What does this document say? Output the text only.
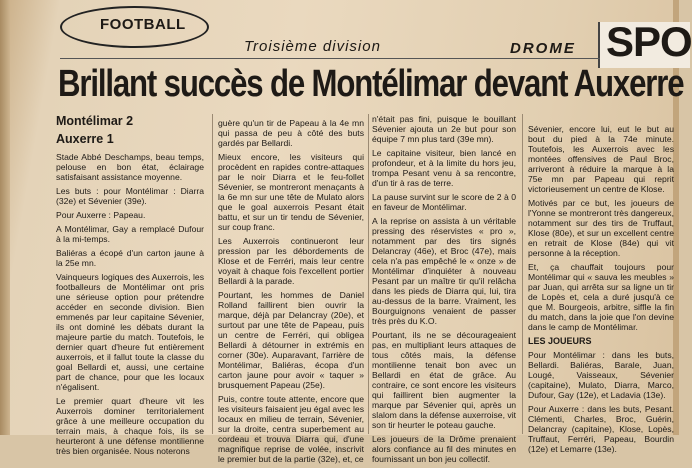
FOOTBALL
Troisième division	DROME SPO
Brillant succès de Montélimar devant Auxerre

Montélimar 2

Auxerre 1

Stade Abbé Deschamps, beau temps, pelouse en bon état, éclairage satisfaisant assistance moyenne.

Les buts : pour Montélimar : Diarra (32e) et Sévenier (39e).

Pour Auxerre : Papeau.

A Montélimar, Gay a remplacé Dufour à la mi-temps.

Baliéras a écopé d'un carton jaune à la 25e mn.

Vainqueurs logiques des Auxerrois, les footballeurs de Montélimar ont pris une sérieuse option pour prétendre accéder en seconde division. Bien emmenés par leur capitaine Sévenier, ils ont dominé les débats durant la majeure partie du match. Toutefois, le dernier quart d'heure fut entièrement auxerrois, et il fallut toute la classe du goal Bellardi et, aussi, une certaine part de chance, pour que les locaux n'égalisent.

Le premier quart d'heure vit les Auxerrois dominer territorialement grâce à une meilleure occupation du terrain mais, à chaque fois, ils se heurteront à une défense montilienne très bien organisée. Nous noterons

guère qu'un tir de Papeau à la 4e mn qui passa de peu à côté des buts gardés par Bellardi.

Mieux encore, les visiteurs qui procèdent en rapides contre-attaques par le noir Diarra et le feu-follet Sévenier, se montreront menaçants à la 6e mn sur une tête de Mulato alors que le goal auxerrois Pesant était battu, et sur un tir tendu de Sévenier, sur coup franc.

Les Auxerrois continueront leur pression par les débordements de Klose et de Ferréri, mais leur centre voyait à chaque fois l'excellent portier Bellardi à la parade.

Pourtant, les hommes de Daniel Rolland faillirent bien ouvrir la marque, déjà par Delancray (20e), et surtout par une tête de Papeau, puis un centre de Ferréri, qui obligea Bellardi à détourner in extrémis en corner (30e). Auparavant, l'arrière de Montélimar, Baliéras, écopa d'un carton jaune pour avoir « taquer » brusquement Papeau (25e).

Puis, contre toute attente, encore que les visiteurs faisaient jeu égal avec les locaux en milieu de terrain, Sévenier, sur la droite, centra superbement au cordeau et trouva Diarra qui, d'une magnifique reprise de volée, inscrivit le premier but de la partie (32e), et, ce

n'était pas fini, puisque le bouillant Sévenier ajouta un 2e but pour son équipe 7 mn plus tard (39e mn).

Le capitaine visiteur, bien lancé en profondeur, et à la limite du hors jeu, trompa Pesant venu à sa rencontre, d'un tir à ras de terre.

La pause survint sur le score de 2 à 0 en faveur de Montélimar.

A la reprise on assista à un véritable pressing des réservistes « pro », notamment par des tirs signés Delancray (46e), et Broc (47e), mais cela n'a pas empêché le « onze » de Montélimar d'inquiéter à nouveau Pesant par un maître tir qu'il relâcha dans les pieds de Diarra qui, lui, tira au-dessus de la barre. Vraiment, les Bourguignons venaient de passer très près du K.O.

Pourtant, ils ne se décourageaient pas, en multipliant leurs attaques de tous côtés mais, la défense montilienne tenait bon avec un Bellardi en état de grâce. Au contraire, ce sont encore les visiteurs qui faillirent bien augmenter la marque par Sévenier qui, après un slalom dans la défense auxerroise, vit son tir heurter le poteau gauche.

Les joueurs de la Drôme prenaient alors confiance au fil des minutes en fournissant un bon jeu collectif.

Sévenier, encore lui, eut le but au bout du pied à la 74e minute. Toutefois, les Auxerrois avec les montées offensives de Paul Broc, arriveront à réduire la marque à la 75e mn par Papeau qui reprit victorieusement un centre de Klose.

Motivés par ce but, les joueurs de l'Yonne se montreront très dangereux, notamment sur des tirs de Truffaut, Klose (80e), et sur un excellent centre en retrait de Klose (84e) qui vit personne à la réception.

Et, ça chauffait toujours pour Montélimar qui « sauva les meubles » par Juan, qui arrêta sur sa ligne un tir de Lopès et, cela a duré jusqu'à ce que M. Bourgeois, arbitre, siffle la fin du match, dans la joie que l'on devine dans le camp de Montélimar.

LES JOUEURS

Pour Montélimar : dans les buts, Bellardi. Baliéras, Barale, Juan, Lougé, Vaisseaux, Sévenier (capitaine), Mulato, Diarra, Marco, Dufour, Gay (12e), et Ladavia (13e).

Pour Auxerre : dans les buts, Pesant. Clémenti, Charles, Broc, Guérin, Delancray (capitaine), Klose, Lopès, Truffaut, Ferréri, Papeau, Bourdin (12e) et Lemarre (13e).
